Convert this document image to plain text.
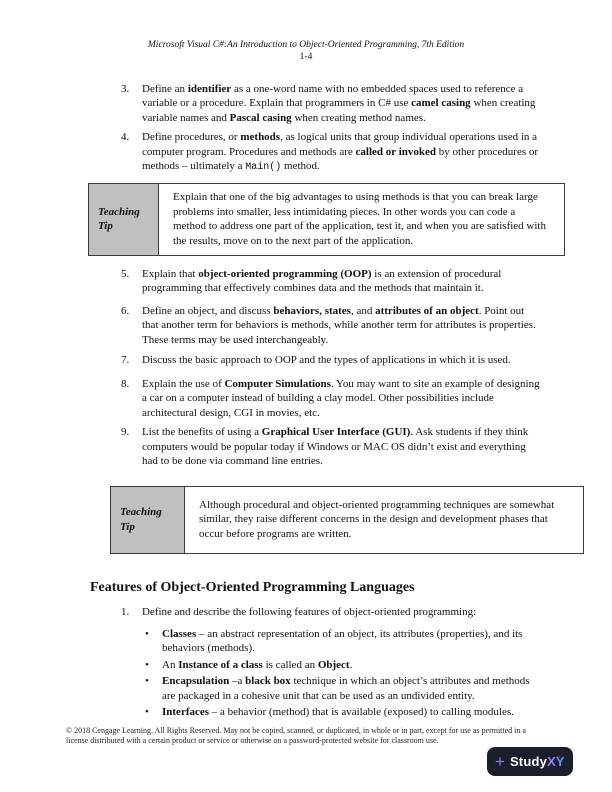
Microsoft Visual C#:An Introduction to Object-Oriented Programming, 7th Edition
1-4
3.	Define an identifier as a one-word name with no embedded spaces used to reference a variable or a procedure. Explain that programmers in C# use camel casing when creating variable names and Pascal casing when creating method names.
4.	Define procedures, or methods, as logical units that group individual operations used in a computer program. Procedures and methods are called or invoked by other procedures or methods – ultimately a Main() method.
Teaching Tip
Explain that one of the big advantages to using methods is that you can break large problems into smaller, less intimidating pieces. In other words you can code a method to address one part of the application, test it, and when you are satisfied with the results, move on to the next part of the application.
5.	Explain that object-oriented programming (OOP) is an extension of procedural programming that effectively combines data and the methods that maintain it.
6.	Define an object, and discuss behaviors, states, and attributes of an object. Point out that another term for behaviors is methods, while another term for attributes is properties. These terms may be used interchangeably.
7.	Discuss the basic approach to OOP and the types of applications in which it is used.
8.	Explain the use of Computer Simulations. You may want to site an example of designing a car on a computer instead of building a clay model. Other possibilities include architectural design, CGI in movies, etc.
9.	List the benefits of using a Graphical User Interface (GUI). Ask students if they think computers would be popular today if Windows or MAC OS didn’t exist and everything had to be done via command line entries.
Teaching Tip
Although procedural and object-oriented programming techniques are somewhat similar, they raise different concerns in the design and development phases that occur before programs are written.
Features of Object-Oriented Programming Languages
1.	Define and describe the following features of object-oriented programming:
•	Classes – an abstract representation of an object, its attributes (properties), and its behaviors (methods).
•	An Instance of a class is called an Object.
•	Encapsulation –a black box technique in which an object’s attributes and methods are packaged in a cohesive unit that can be used as an undivided entity.
•	Interfaces – a behavior (method) that is available (exposed) to calling modules.
© 2018 Cengage Learning. All Rights Reserved. May not be copied, scanned, or duplicated, in whole or in part, except for use as permitted in a
license distributed with a certain product or service or otherwise on a password-protected website for classroom use.
+ Study X Y
